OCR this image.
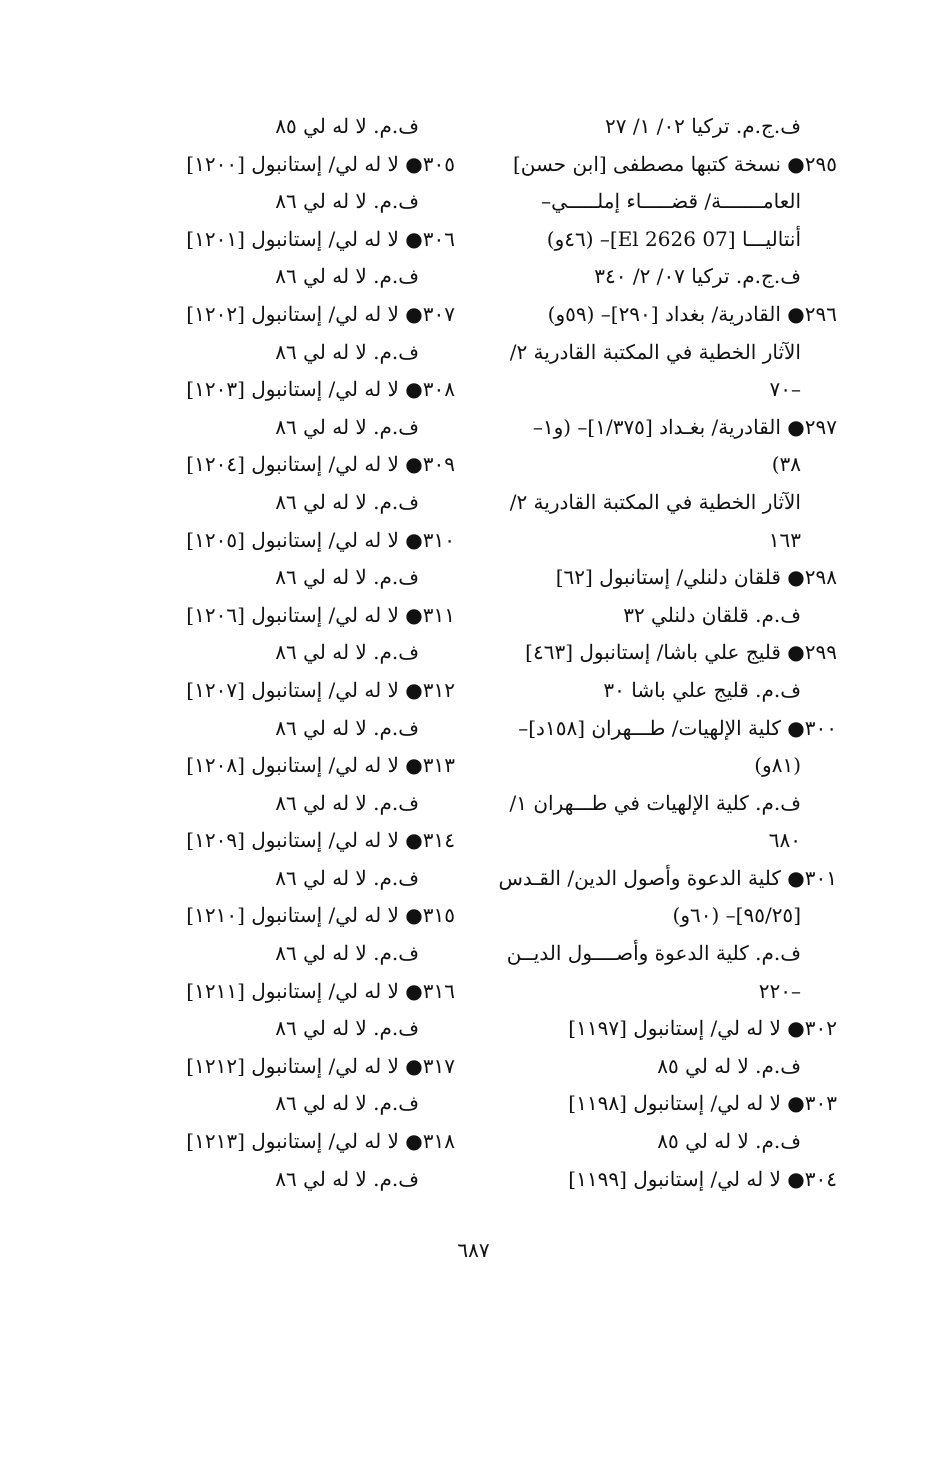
ف.ج.م. تركيا ٠٢/ ١/ ٢٧
٢٩٥● نسخة كتبها مصطفى [ابن حسن]
العامـــــــة/ قضـــــاء إملـــــي–
أنتاليـــا [07 El 2626]– (٤٦و)
ف.ج.م. تركيا ٠٧/ ٢/ ٣٤٠
٢٩٦● القادرية/ بغداد [٢٩٠]– (٥٩و)
الآثار الخطية في المكتبة القادرية ٢/
–٧٠
٢٩٧● القادرية/ بغـداد [١/٣٧٥]– (و١–
٣٨)
الآثار الخطية في المكتبة القادرية ٢/
١٦٣
٢٩٨● قلقان دلنلي/ إستانبول [٦٢]
ف.م. قلقان دلنلي ٣٢
٢٩٩● قليج علي باشا/ إستانبول [٤٦٣]
ف.م. قليج علي باشا ٣٠
٣٠٠● كلية الإلهيات/ طـــهران [١٥٨د]–
(٨١و)
ف.م. كلية الإلهيات في طـــهران ١/
٦٨٠
٣٠١● كلية الدعوة وأصول الدين/ القـدس
[٩٥/٢٥]– (٦٠و)
ف.م. كلية الدعوة وأصــــول الديــن
–٢٢٠
٣٠٢● لا له لي/ إستانبول [١١٩٧]
ف.م. لا له لي ٨٥
٣٠٣● لا له لي/ إستانبول [١١٩٨]
ف.م. لا له لي ٨٥
٣٠٤● لا له لي/ إستانبول [١١٩٩]
ف.م. لا له لي ٨٥
٣٠٥● لا له لي/ إستانبول [١٢٠٠]
ف.م. لا له لي ٨٦
٣٠٦● لا له لي/ إستانبول [١٢٠١]
ف.م. لا له لي ٨٦
٣٠٧● لا له لي/ إستانبول [١٢٠٢]
ف.م. لا له لي ٨٦
٣٠٨● لا له لي/ إستانبول [١٢٠٣]
ف.م. لا له لي ٨٦
٣٠٩● لا له لي/ إستانبول [١٢٠٤]
ف.م. لا له لي ٨٦
٣١٠● لا له لي/ إستانبول [١٢٠٥]
ف.م. لا له لي ٨٦
٣١١● لا له لي/ إستانبول [١٢٠٦]
ف.م. لا له لي ٨٦
٣١٢● لا له لي/ إستانبول [١٢٠٧]
ف.م. لا له لي ٨٦
٣١٣● لا له لي/ إستانبول [١٢٠٨]
ف.م. لا له لي ٨٦
٣١٤● لا له لي/ إستانبول [١٢٠٩]
ف.م. لا له لي ٨٦
٣١٥● لا له لي/ إستانبول [١٢١٠]
ف.م. لا له لي ٨٦
٣١٦● لا له لي/ إستانبول [١٢١١]
ف.م. لا له لي ٨٦
٣١٧● لا له لي/ إستانبول [١٢١٢]
ف.م. لا له لي ٨٦
٣١٨● لا له لي/ إستانبول [١٢١٣]
ف.م. لا له لي ٨٦
٦٨٧
